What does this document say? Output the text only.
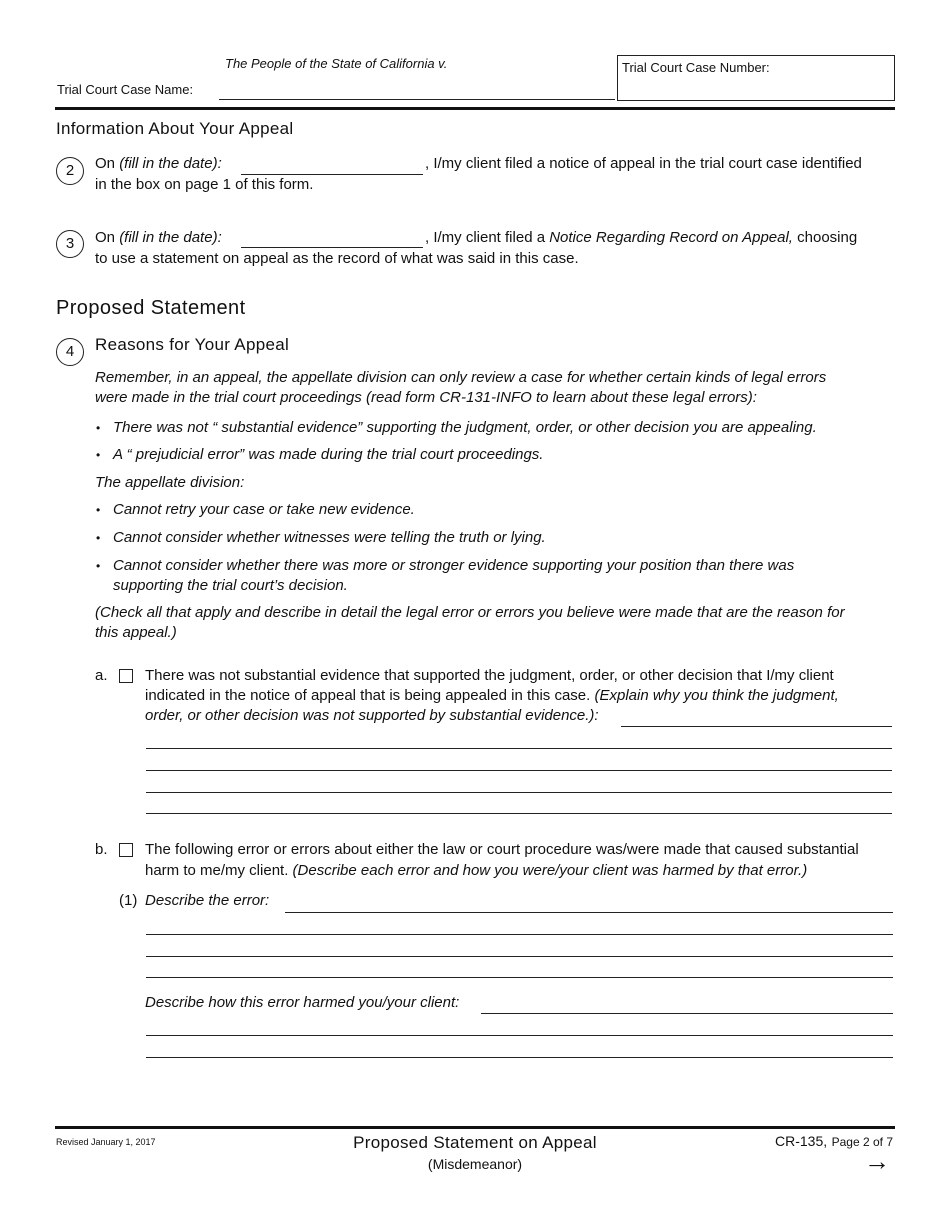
The People of the State of California v.
Trial Court Case Name:
Trial Court Case Number:
Information About Your Appeal
2	On (fill in the date):	, I/my client filed a notice of appeal in the trial court case identified
in the box on page 1 of this form.
3	On (fill in the date):	, I/my client filed a Notice Regarding Record on Appeal, choosing
to use a statement on appeal as the record of what was said in this case.
Proposed Statement
4	Reasons for Your Appeal
Remember, in an appeal, the appellate division can only review a case for whether certain kinds of legal errors
were made in the trial court proceedings (read form CR-131-INFO to learn about these legal errors):
• There was not “ substantial evidence” supporting the judgment, order, or other decision you are appealing.
• A “ prejudicial error” was made during the trial court proceedings.
The appellate division:
• Cannot retry your case or take new evidence.
• Cannot consider whether witnesses were telling the truth or lying.
• Cannot consider whether there was more or stronger evidence supporting your position than there was
supporting the trial court’s decision.
(Check all that apply and describe in detail the legal error or errors you believe were made that are the reason for
this appeal.)
a. There was not substantial evidence that supported the judgment, order, or other decision that I/my client
indicated in the notice of appeal that is being appealed in this case. (Explain why you think the judgment,
order, or other decision was not supported by substantial evidence.):
b. The following error or errors about either the law or court procedure was/were made that caused substantial
harm to me/my client. (Describe each error and how you were/your client was harmed by that error.)
(1) Describe the error:
Describe how this error harmed you/your client:
Revised January 1, 2017	Proposed Statement on Appeal
(Misdemeanor)
CR-135, Page 2 of 7
→
